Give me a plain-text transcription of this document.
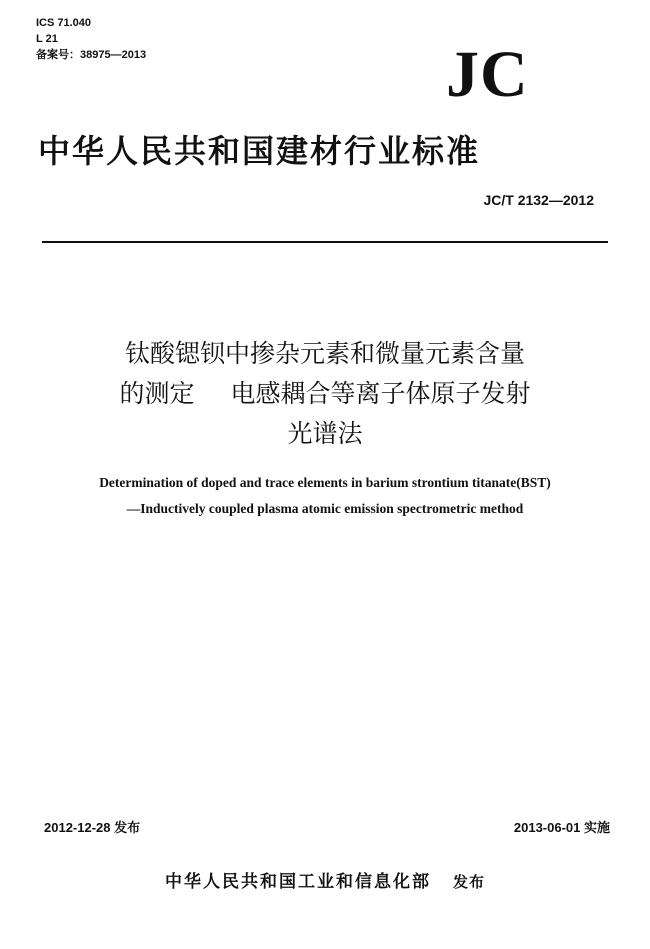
ICS 71.040
L 21
备案号：38975—2013	JC
中华人民共和国建材行业标准
JC/T 2132—2012
钛酸锶钡中掺杂元素和微量元素含量
的测定 电感耦合等离子体原子发射
光谱法
Determination of doped and trace elements in barium strontium titanate(BST)
—Inductively coupled plasma atomic emission spectrometric method
2012-12-28 发布	2013-06-01 实施
中华人民共和国工业和信息化部 发布
